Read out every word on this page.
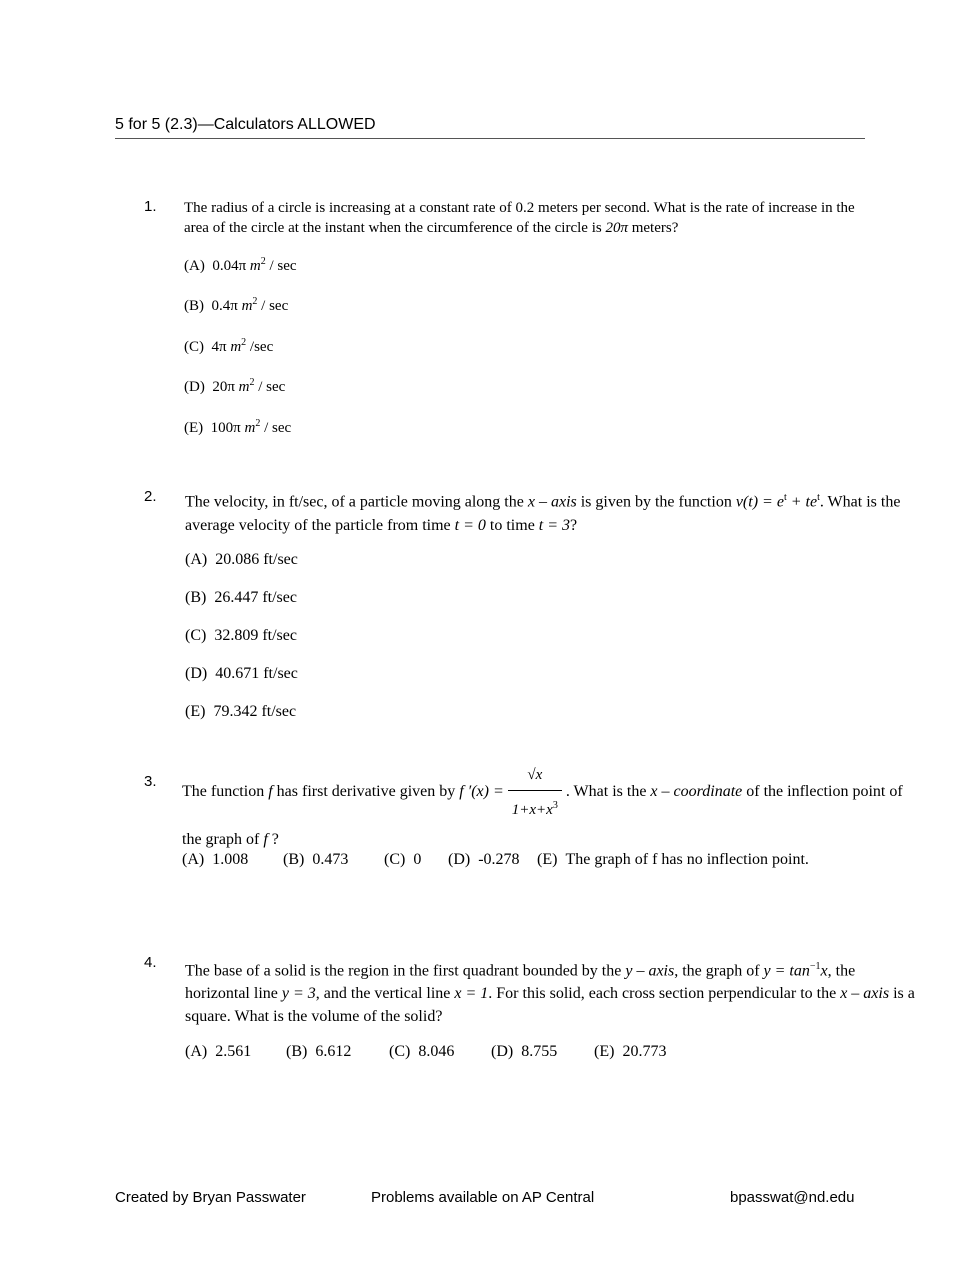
5 for 5 (2.3)—Calculators ALLOWED
1. The radius of a circle is increasing at a constant rate of 0.2 meters per second. What is the rate of increase in the area of the circle at the instant when the circumference of the circle is 20π meters?
(A) 0.04π $m^2$ / sec
(B) 0.4π $m^2$ / sec
(C) 4π $m^2$ /sec
(D) 20π $m^2$ / sec
(E) 100π $m^2$ / sec
2. The velocity, in ft/sec, of a particle moving along the x – axis is given by the function $v(t) = e^t + te^t$. What is the average velocity of the particle from time t = 0 to time t = 3?
(A) 20.086 ft/sec
(B) 26.447 ft/sec
(C) 32.809 ft/sec
(D) 40.671 ft/sec
(E) 79.342 ft/sec
3.
The function f has first derivative given by f $'(x) = \frac{√x}{1+x+x^3}$ . What is the x – coordinate of the inflection point of the graph of f ?
(A) 1.008 (B) 0.473 (C) 0 (D) -0.278 (E) The graph of f has no inflection point.
4. The base of a solid is the region in the first quadrant bounded by the y – axis, the graph of $y = \tan^{-1}x$, the horizontal line y = 3, and the vertical line x = 1. For this solid, each cross section perpendicular to the x – axis is a square. What is the volume of the solid?
(A) 2.561 (B) 6.612 (C) 8.046 (D) 8.755 (E) 20.773
Created by Bryan Passwater	Problems available on AP Central	bpasswat@nd.edu
